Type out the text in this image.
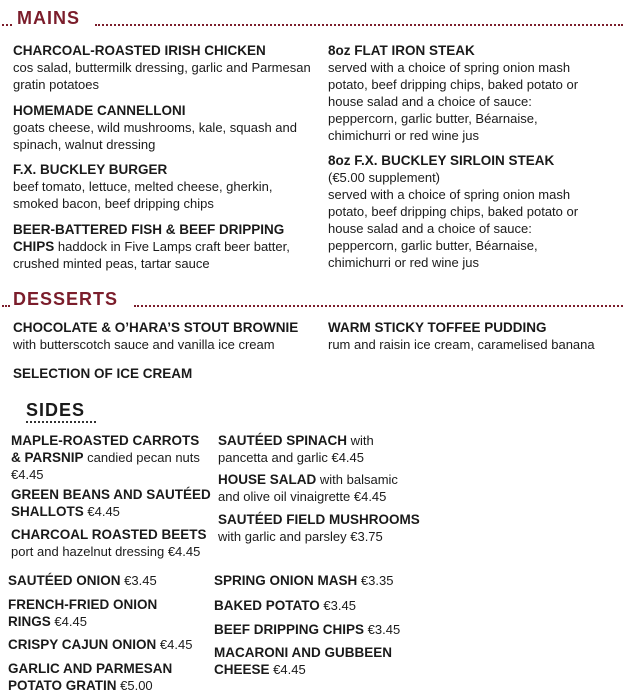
MAINS
CHARCOAL-ROASTED IRISH CHICKEN
cos salad, buttermilk dressing, garlic and Parmesan gratin potatoes
HOMEMADE CANNELLONI
goats cheese, wild mushrooms, kale, squash and spinach, walnut dressing
F.X. BUCKLEY BURGER
beef tomato, lettuce, melted cheese, gherkin, smoked bacon, beef dripping chips
BEER-BATTERED FISH & BEEF DRIPPING CHIPS haddock in Five Lamps craft beer batter, crushed minted peas, tartar sauce
8oz FLAT IRON STEAK
served with a choice of spring onion mash potato, beef dripping chips, baked potato or house salad and a choice of sauce: peppercorn, garlic butter, Béarnaise, chimichurri or red wine jus
8oz F.X. BUCKLEY SIRLOIN STEAK
(€5.00 supplement)
served with a choice of spring onion mash potato, beef dripping chips, baked potato or house salad and a choice of sauce: peppercorn, garlic butter, Béarnaise, chimichurri or red wine jus
DESSERTS
CHOCOLATE & O’HARA’S STOUT BROWNIE
with butterscotch sauce and vanilla ice cream
SELECTION OF ICE CREAM
WARM STICKY TOFFEE PUDDING
rum and raisin ice cream, caramelised banana
SIDES
MAPLE-ROASTED CARROTS & PARSNIP candied pecan nuts €4.45
GREEN BEANS AND SAUTÉED SHALLOTS €4.45
CHARCOAL ROASTED BEETS
port and hazelnut dressing €4.45
SAUTÉED SPINACH with pancetta and garlic €4.45
HOUSE SALAD with balsamic and olive oil vinaigrette €4.45
SAUTÉED FIELD MUSHROOMS
with garlic and parsley €3.75
SAUTÉED ONION €3.45
FRENCH-FRIED ONION RINGS €4.45
CRISPY CAJUN ONION €4.45
GARLIC AND PARMESAN POTATO GRATIN €5.00
SPRING ONION MASH €3.35
BAKED POTATO €3.45
BEEF DRIPPING CHIPS €3.45
MACARONI AND GUBBEEN CHEESE €4.45
